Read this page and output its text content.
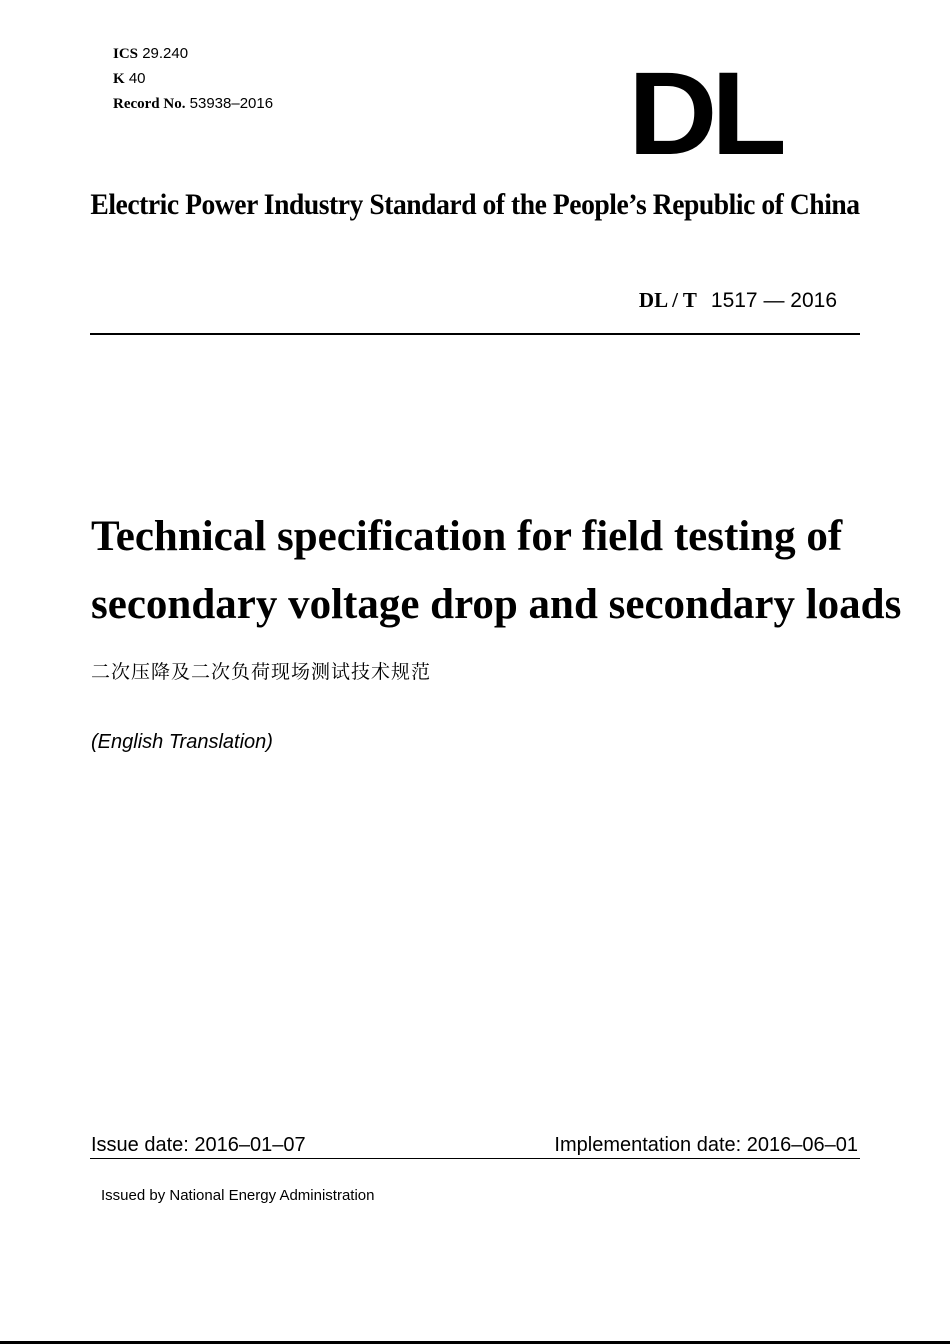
ICS 29.240
K 40
Record No. 53938–2016	DL
Electric Power Industry Standard of the People’s Republic of China
DL / T 1517 — 2016
Technical specification for field testing of
secondary voltage drop and secondary loads
二次压降及二次负荷现场测试技术规范
(English Translation)
Issue date: 2016–01–07	Implementation date: 2016–06–01
Issued by National Energy Administration
